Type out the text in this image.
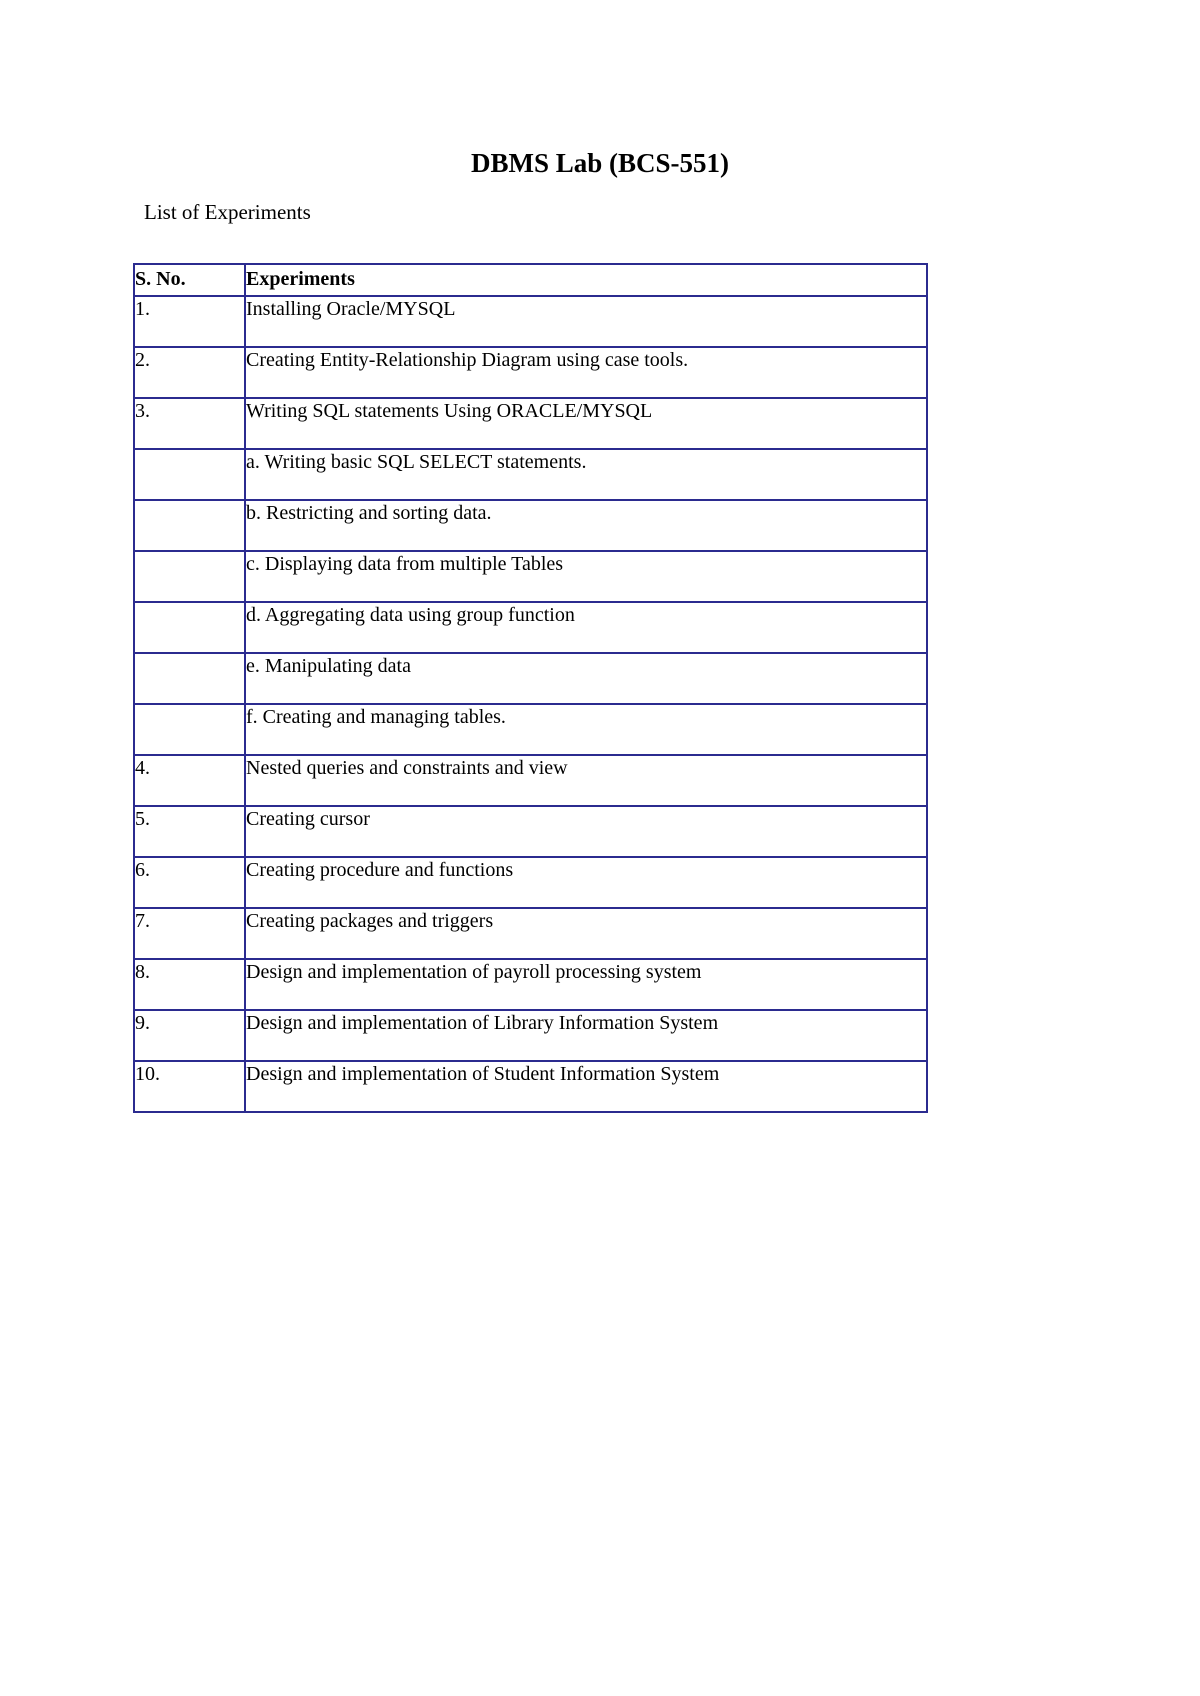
DBMS Lab (BCS-551)
List of Experiments
S. No.	Experiments
1.	Installing Oracle/MYSQL
2.	Creating Entity-Relationship Diagram using case tools.
3.	Writing SQL statements Using ORACLE/MYSQL
	a. Writing basic SQL SELECT statements.
	b. Restricting and sorting data.
	c. Displaying data from multiple Tables
	d. Aggregating data using group function
	e. Manipulating data
	f. Creating and managing tables.
4.	Nested queries and constraints and view
5.	Creating cursor
6.	Creating procedure and functions
7.	Creating packages and triggers
8.	Design and implementation of payroll processing system
9.	Design and implementation of Library Information System
10.	Design and implementation of Student Information System
